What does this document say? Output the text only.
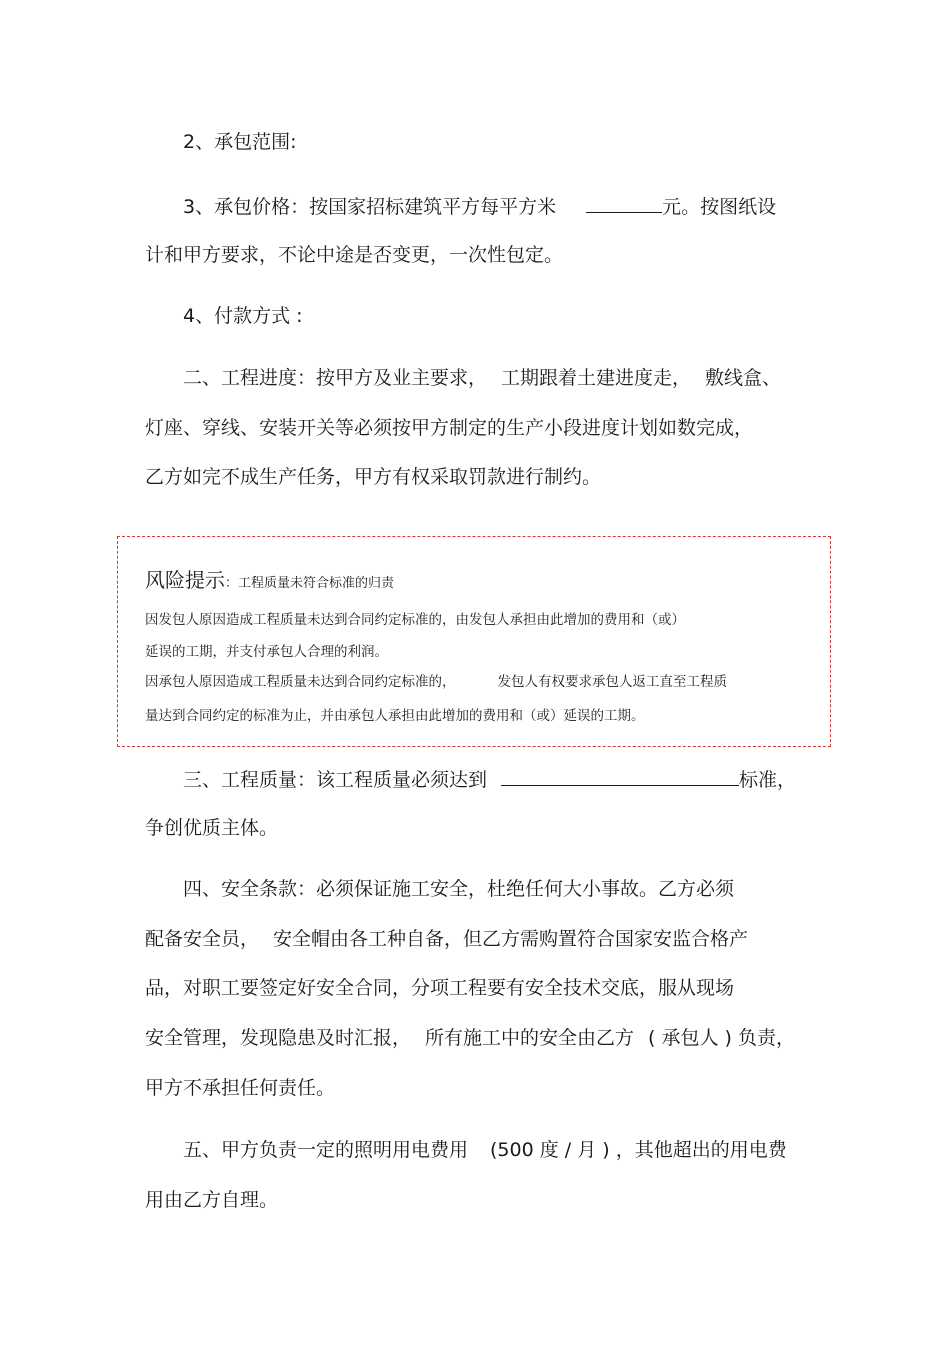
2、承包范围:
3、承包价格：按国家招标建筑平方每平方米	元。按图纸设
计和甲方要求，不论中途是否变更，一次性包定。
4、付款方式 :
二、工程进度：按甲方及业主要求， 工期跟着土建进度走， 敷线盒、
灯座、穿线、安装开关等必须按甲方制定的生产小段进度计划如数完成，
乙方如完不成生产任务，甲方有权采取罚款进行制约。
风险提示：工程质量未符合标准的归责
因发包人原因造成工程质量未达到合同约定标准的，由发包人承担由此增加的费用和（或）
延误的工期，并支付承包人合理的利润。
因承包人原因造成工程质量未达到合同约定标准的，	发包人有权要求承包人返工直至工程质
量达到合同约定的标准为止，并由承包人承担由此增加的费用和（或）延误的工期。
三、工程质量：该工程质量必须达到	标准，
争创优质主体。
四、安全条款：必须保证施工安全，杜绝任何大小事故。乙方必须
配备安全员， 安全帽由各工种自备，但乙方需购置符合国家安监合格产
品，对职工要签定好安全合同，分项工程要有安全技术交底，服从现场
安全管理，发现隐患及时汇报， 所有施工中的安全由乙方 ( 承包人 ) 负责，
甲方不承担任何责任。
五、甲方负责一定的照明用电费用 (500 度 / 月 ) ，其他超出的用电费
用由乙方自理。
